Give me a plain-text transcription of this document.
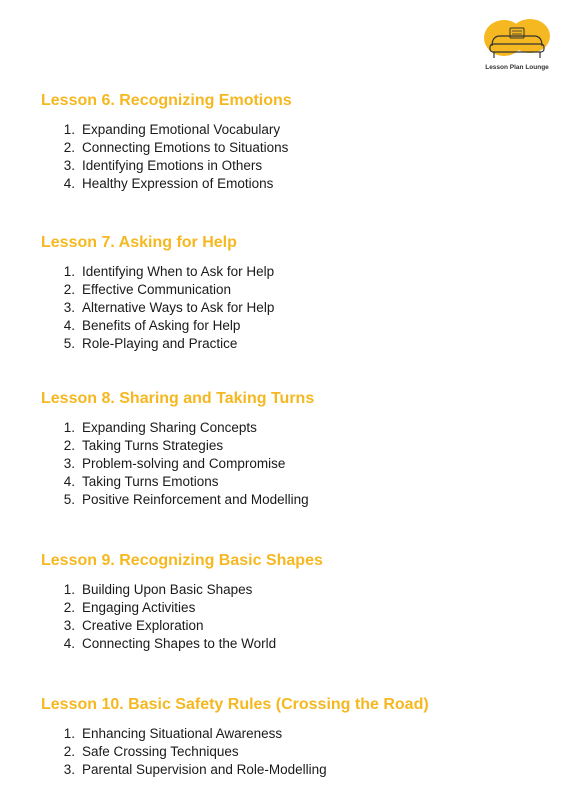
Lesson Plan Lounge
Lesson 6. Recognizing Emotions
1. Expanding Emotional Vocabulary
2. Connecting Emotions to Situations
3. Identifying Emotions in Others
4. Healthy Expression of Emotions
Lesson 7. Asking for Help
1. Identifying When to Ask for Help
2. Effective Communication
3. Alternative Ways to Ask for Help
4. Benefits of Asking for Help
5. Role-Playing and Practice
Lesson 8. Sharing and Taking Turns
1. Expanding Sharing Concepts
2. Taking Turns Strategies
3. Problem-solving and Compromise
4. Taking Turns Emotions
5. Positive Reinforcement and Modelling
Lesson 9. Recognizing Basic Shapes
1. Building Upon Basic Shapes
2. Engaging Activities
3. Creative Exploration
4. Connecting Shapes to the World
Lesson 10. Basic Safety Rules (Crossing the Road)
1. Enhancing Situational Awareness
2. Safe Crossing Techniques
3. Parental Supervision and Role-Modelling
